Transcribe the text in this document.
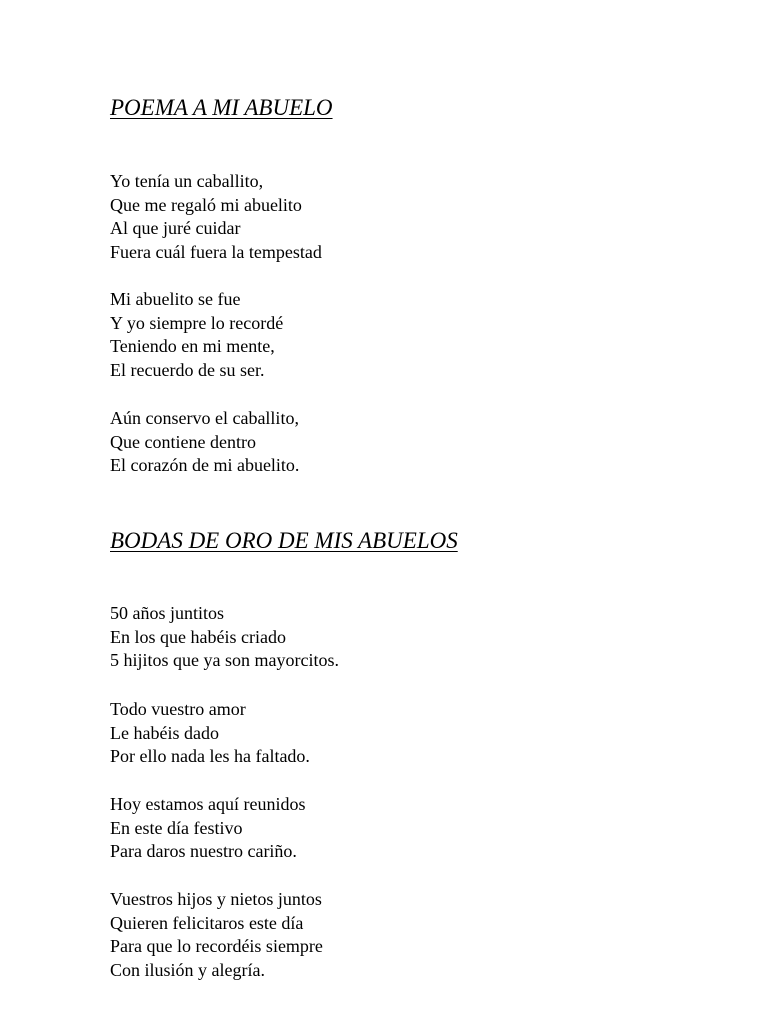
POEMA A MI ABUELO
Yo tenía un caballito,
Que me regaló mi abuelito
Al que juré cuidar
Fuera cuál fuera la tempestad
Mi abuelito se fue
Y yo siempre lo recordé
Teniendo en mi mente,
El recuerdo de su ser.
Aún conservo el caballito,
Que contiene dentro
El corazón de mi abuelito.
BODAS DE ORO DE MIS ABUELOS
50 años juntitos
En los que habéis criado
5 hijitos que ya son mayorcitos.
Todo vuestro amor
Le habéis dado
Por ello nada les ha faltado.
Hoy estamos aquí reunidos
En este día festivo
Para daros nuestro cariño.
Vuestros hijos y nietos juntos
Quieren felicitaros este día
Para que lo recordéis siempre
Con ilusión y alegría.
